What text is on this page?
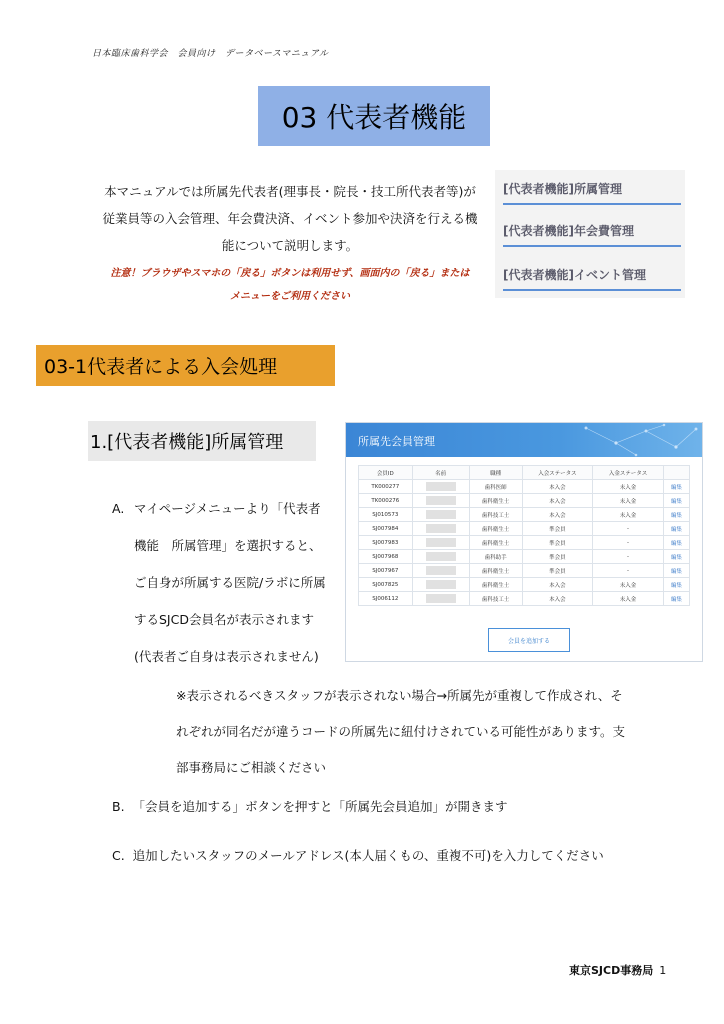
日本臨床歯科学会　会員向け　データベースマニュアル
03 代表者機能
本マニュアルでは所属先代表者(理事長・院長・技工所代表者等)が
従業員等の入会管理、年会費決済、イベント参加や決済を行える機
能について説明します。
注意！ブラウザやスマホの「戻る」ボタンは利用せず、画面内の「戻る」または
メニューをご利用ください
[代表者機能]所属管理
[代表者機能]年会費管理
[代表者機能]イベント管理
03-1代表者による入会処理
1.[代表者機能]所属管理
A. マイページメニューより「代表者
機能　所属管理」を選択すると、
ご自身が所属する医院/ラボに所属
するSJCD会員名が表示されます
(代表者ご自身は表示されません)
所属先会員管理
会員ID	名前	職種	入会ステータス	入金ステータス	
TK000277		歯科医師	本入会	未入金	編集
TK000276		歯科衛生士	本入会	未入金	編集
SJ010573		歯科技工士	本入会	未入金	編集
SJ007984		歯科衛生士	準会員	-	編集
SJ007983		歯科衛生士	準会員	-	編集
SJ007968		歯科助手	準会員	-	編集
SJ007967		歯科衛生士	準会員	-	編集
SJ007825		歯科衛生士	本入会	未入金	編集
SJ006112		歯科技工士	本入会	未入金	編集
会員を追加する
※表示されるべきスタッフが表示されない場合→所属先が重複して作成され、そ
れぞれが同名だが違うコードの所属先に紐付けされている可能性があります。支
部事務局にご相談ください
B. 「会員を追加する」ボタンを押すと「所属先会員追加」が開きます
C. 追加したいスタッフのメールアドレス(本人届くもの、重複不可)を入力してください
東京SJCD事務局 1
